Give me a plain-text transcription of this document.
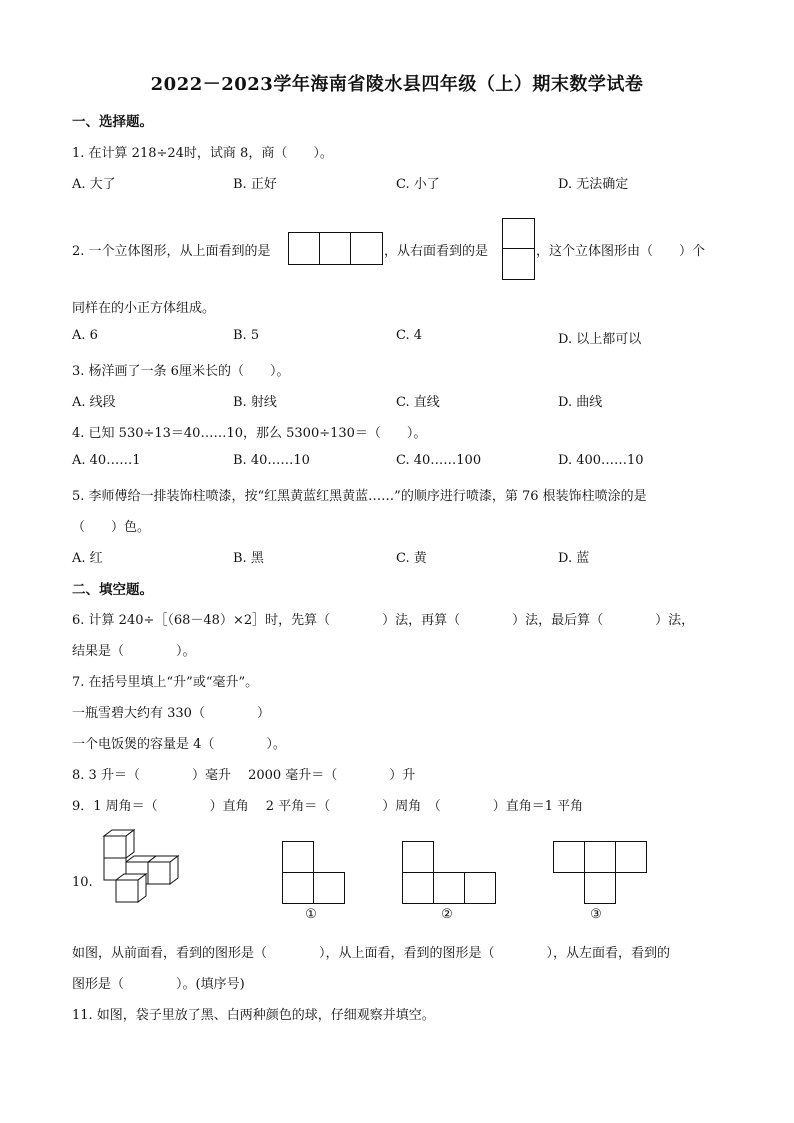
2022－2023学年海南省陵水县四年级（上）期末数学试卷
一、选择题。
1. 在计算 218÷24时，试商 8，商（　　）。
A. 大了	B. 正好	C. 小了	D. 无法确定
2. 一个立体图形，从上面看到的是	，从右面看到的是	，这个立体图形由（　　）个
同样在的小正方体组成。
A. 6	B. 5	C. 4	D. 以上都可以
3. 杨洋画了一条 6厘米长的（　　）。
A. 线段	B. 射线	C. 直线	D. 曲线
4. 已知 530÷13＝40……10，那么 5300÷130＝（　　）。
A. 40……1	B. 40……10	C. 40……100	D. 400……10
5. 李师傅给一排装饰柱喷漆，按“红黑黄蓝红黑黄蓝……”的顺序进行喷漆，第 76 根装饰柱喷涂的是
（　　）色。
A. 红	B. 黑	C. 黄	D. 蓝
二、填空题。
6. 计算 240÷［（68－48）×2］时，先算（　　　　）法，再算（　　　　）法，最后算（　　　　）法，
结果是（　　　　）。
7. 在括号里填上“升”或“毫升”。
一瓶雪碧大约有 330（　　　　）
一个电饭煲的容量是 4（　　　　）。
8. 3 升＝（　　　　）毫升　 2000 毫升＝（　　　　）升
9．1 周角＝（　　　　）直角　 2 平角＝（　　　　）周角　（　　　　）直角＝1 平角
10.
①	②	③
如图，从前面看，看到的图形是（　　　　），从上面看，看到的图形是（　　　　），从左面看，看到的
图形是（　　　　）。(填序号)
11. 如图，袋子里放了黑、白两种颜色的球，仔细观察并填空。
